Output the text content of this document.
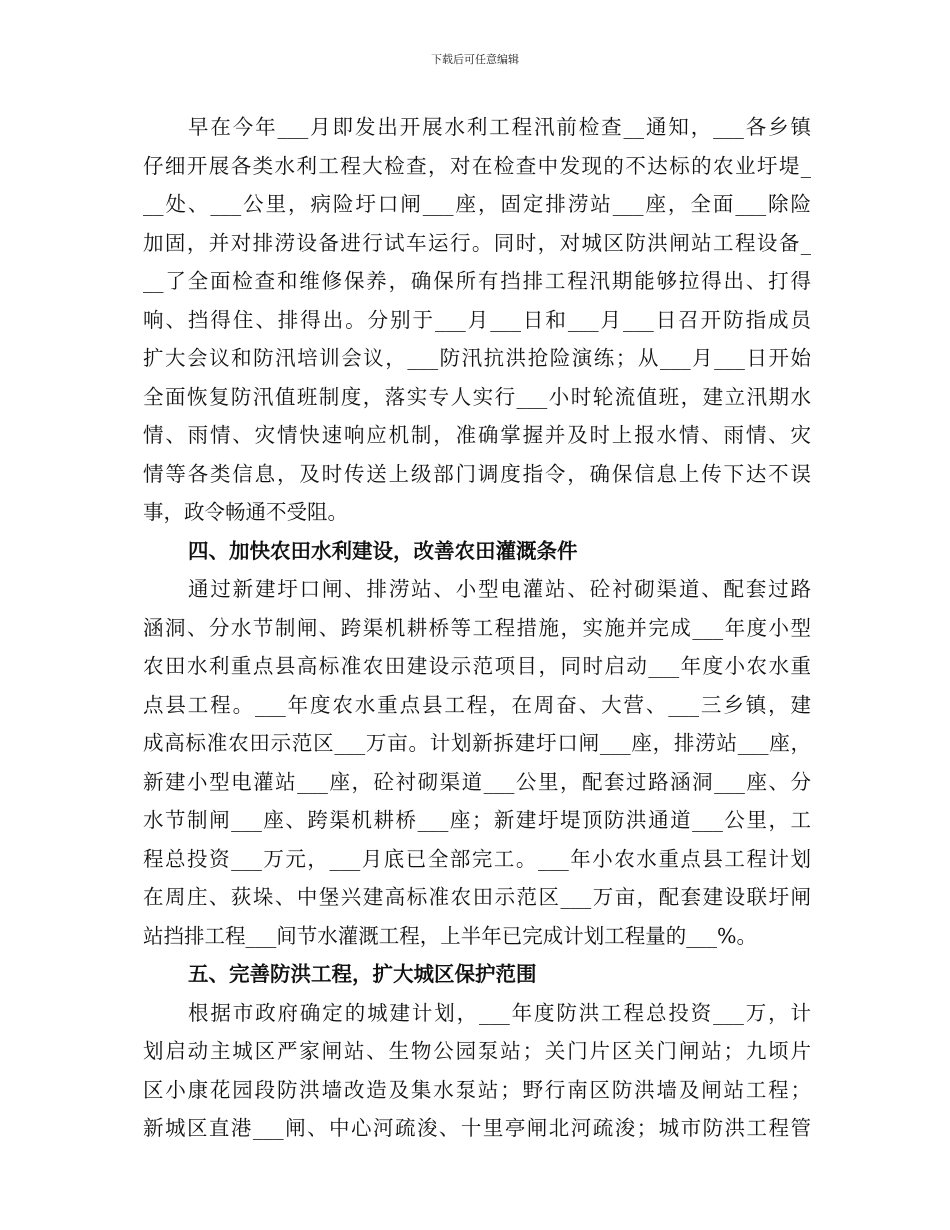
下载后可任意编辑
早在今年___月即发出开展水利工程汛前检查__通知，___各乡镇
仔细开展各类水利工程大检查，对在检查中发现的不达标的农业圩堤_
__处、___公里，病险圩口闸___座，固定排涝站___座，全面___除险
加固，并对排涝设备进行试车运行。同时，对城区防洪闸站工程设备_
__了全面检查和维修保养，确保所有挡排工程汛期能够拉得出、打得
响、挡得住、排得出。分别于___月___日和___月___日召开防指成员
扩大会议和防汛培训会议，___防汛抗洪抢险演练；从___月___日开始
全面恢复防汛值班制度，落实专人实行___小时轮流值班，建立汛期水
情、雨情、灾情快速响应机制，准确掌握并及时上报水情、雨情、灾
情等各类信息，及时传送上级部门调度指令，确保信息上传下达不误
事，政令畅通不受阻。
四、加快农田水利建设，改善农田灌溉条件
通过新建圩口闸、排涝站、小型电灌站、砼衬砌渠道、配套过路
涵洞、分水节制闸、跨渠机耕桥等工程措施，实施并完成___年度小型
农田水利重点县高标准农田建设示范项目，同时启动___年度小农水重
点县工程。___年度农水重点县工程，在周奋、大营、___三乡镇，建
成高标准农田示范区___万亩。计划新拆建圩口闸___座，排涝站___座，
新建小型电灌站___座，砼衬砌渠道___公里，配套过路涵洞___座、分
水节制闸___座、跨渠机耕桥___座；新建圩堤顶防洪通道___公里，工
程总投资___万元，___月底已全部完工。___年小农水重点县工程计划
在周庄、荻垛、中堡兴建高标准农田示范区___万亩，配套建设联圩闸
站挡排工程___间节水灌溉工程，上半年已完成计划工程量的___%。
五、完善防洪工程，扩大城区保护范围
根据市政府确定的城建计划，___年度防洪工程总投资___万，计
划启动主城区严家闸站、生物公园泵站；关门片区关门闸站；九顷片
区小康花园段防洪墙改造及集水泵站；野行南区防洪墙及闸站工程；
新城区直港___闸、中心河疏浚、十里亭闸北河疏浚；城市防洪工程管
